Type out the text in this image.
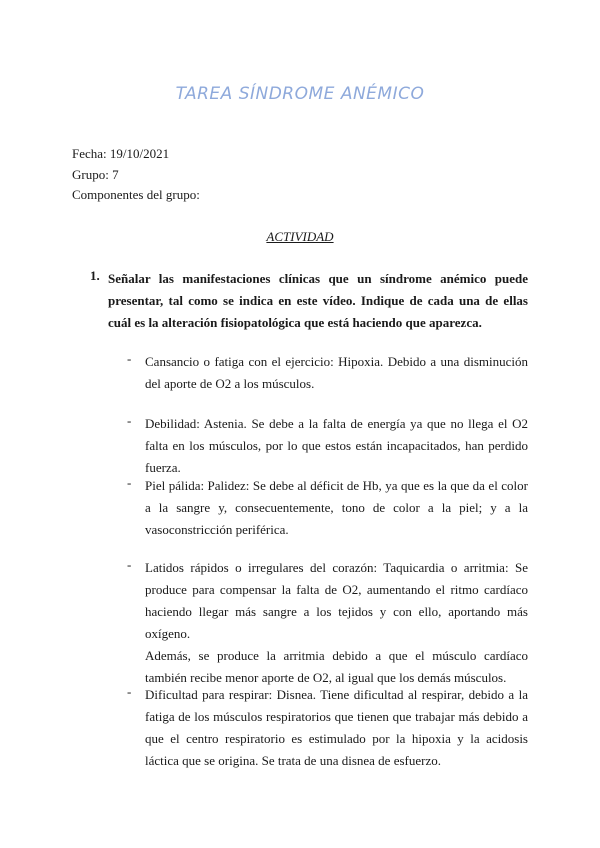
TAREA SÍNDROME ANÉMICO
Fecha: 19/10/2021
Grupo: 7
Componentes del grupo:
ACTIVIDAD
1. Señalar las manifestaciones clínicas que un síndrome anémico puede presentar, tal como se indica en este vídeo. Indique de cada una de ellas cuál es la alteración fisiopatológica que está haciendo que aparezca.
- Cansancio o fatiga con el ejercicio: Hipoxia. Debido a una disminución del aporte de O2 a los músculos.

- Debilidad: Astenia. Se debe a la falta de energía ya que no llega el O2 falta en los músculos, por lo que estos están incapacitados, han perdido fuerza.

- Piel pálida: Palidez: Se debe al déficit de Hb, ya que es la que da el color a la sangre y, consecuentemente, tono de color a la piel; y a la vasoconstricción periférica.

- Latidos rápidos o irregulares del corazón: Taquicardia o arritmia: Se produce para compensar la falta de O2, aumentando el ritmo cardíaco haciendo llegar más sangre a los tejidos y con ello, aportando más oxígeno.

Además, se produce la arritmia debido a que el músculo cardíaco también recibe menor aporte de O2, al igual que los demás músculos.

- Dificultad para respirar: Disnea. Tiene dificultad al respirar, debido a la fatiga de los músculos respiratorios que tienen que trabajar más debido a que el centro respiratorio es estimulado por la hipoxia y la acidosis láctica que se origina. Se trata de una disnea de esfuerzo.
